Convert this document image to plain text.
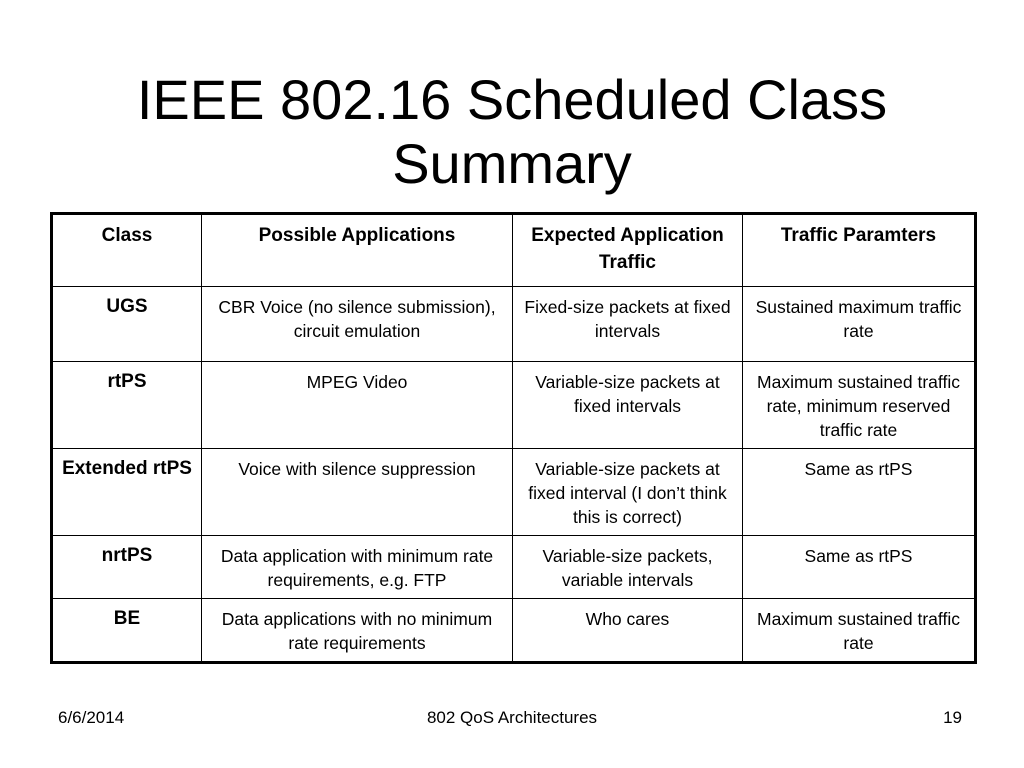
IEEE 802.16 Scheduled Class
Summary
Class	Possible Applications	Expected Application Traffic	Traffic Paramters
UGS	CBR Voice (no silence submission), circuit emulation	Fixed-size packets at fixed intervals	Sustained maximum traffic rate
rtPS	MPEG Video	Variable-size packets at fixed intervals	Maximum sustained traffic rate, minimum reserved traffic rate
Extended rtPS	Voice with silence suppression	Variable-size packets at fixed interval (I don’t think this is correct)	Same as rtPS
nrtPS	Data application with minimum rate requirements, e.g. FTP	Variable-size packets, variable intervals	Same as rtPS
BE	Data applications with no minimum rate requirements	Who cares	Maximum sustained traffic rate
6/6/2014	802 QoS Architectures	19
